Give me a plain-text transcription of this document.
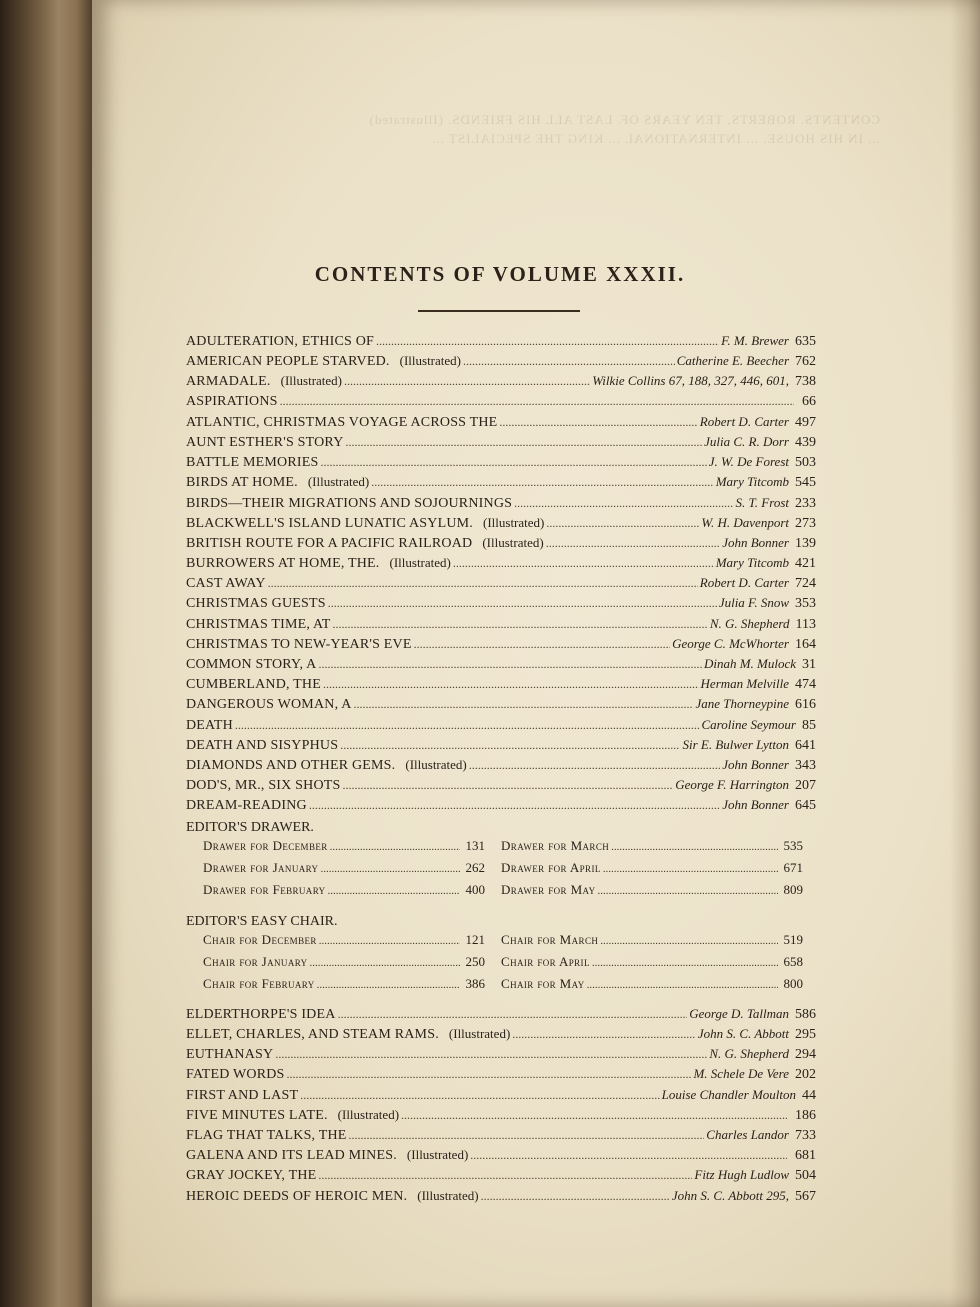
CONTENTS. ROBERTS, TEN YEARS OF. LAST ALL HIS FRIENDS. (Illustrated) ... IN HIS HOUSE. ... INTERNATIONAL ... KING THE SPECIALIST ...
CONTENTS OF VOLUME XXXII.
ADULTERATION, ETHICS OF .....	F. M. Brewer 635
AMERICAN PEOPLE STARVED. (Illustrated) .....	Catherine E. Beecher 762
ARMADALE. (Illustrated) .....	Wilkie Collins 67, 188, 327, 446, 601, 738
ASPIRATIONS .....	66
ATLANTIC, CHRISTMAS VOYAGE ACROSS THE .....	Robert D. Carter 497
AUNT ESTHER'S STORY .....	Julia C. R. Dorr 439
BATTLE MEMORIES .....	J. W. De Forest 503
BIRDS AT HOME. (Illustrated) .....	Mary Titcomb 545
BIRDS—THEIR MIGRATIONS AND SOJOURNINGS .....	S. T. Frost 233
BLACKWELL'S ISLAND LUNATIC ASYLUM. (Illustrated) .....	W. H. Davenport 273
BRITISH ROUTE FOR A PACIFIC RAILROAD (Illustrated) .....	John Bonner 139
BURROWERS AT HOME, THE. (Illustrated) .....	Mary Titcomb 421
CAST AWAY .....	Robert D. Carter 724
CHRISTMAS GUESTS .....	Julia F. Snow 353
CHRISTMAS TIME, AT .....	N. G. Shepherd 113
CHRISTMAS TO NEW-YEAR'S EVE .....	George C. McWhorter 164
COMMON STORY, A .....	Dinah M. Mulock 31
CUMBERLAND, THE .....	Herman Melville 474
DANGEROUS WOMAN, A .....	Jane Thorneypine 616
DEATH .....	Caroline Seymour 85
DEATH AND SISYPHUS .....	Sir E. Bulwer Lytton 641
DIAMONDS AND OTHER GEMS. (Illustrated) .....	John Bonner 343
DOD'S, MR., SIX SHOTS .....	George F. Harrington 207
DREAM-READING .....	John Bonner 645
EDITOR'S DRAWER.
Drawer for December .....	131 Drawer for March .....	535
Drawer for January .....	262 Drawer for April .....	671
Drawer for February .....	400 Drawer for May .....	809
EDITOR'S EASY CHAIR.
Chair for December .....	121 Chair for March .....	519
Chair for January .....	250 Chair for April .....	658
Chair for February .....	386 Chair for May .....	800
ELDERTHORPE'S IDEA .....	George D. Tallman 586
ELLET, CHARLES, AND STEAM RAMS. (Illustrated) .....	John S. C. Abbott 295
EUTHANASY .....	N. G. Shepherd 294
FATED WORDS .....	M. Schele De Vere 202
FIRST AND LAST .....	Louise Chandler Moulton 44
FIVE MINUTES LATE. (Illustrated) .....	186
FLAG THAT TALKS, THE .....	Charles Landor 733
GALENA AND ITS LEAD MINES. (Illustrated) .....	681
GRAY JOCKEY, THE .....	Fitz Hugh Ludlow 504
HEROIC DEEDS OF HEROIC MEN. (Illustrated) .....	John S. C. Abbott 295, 567
